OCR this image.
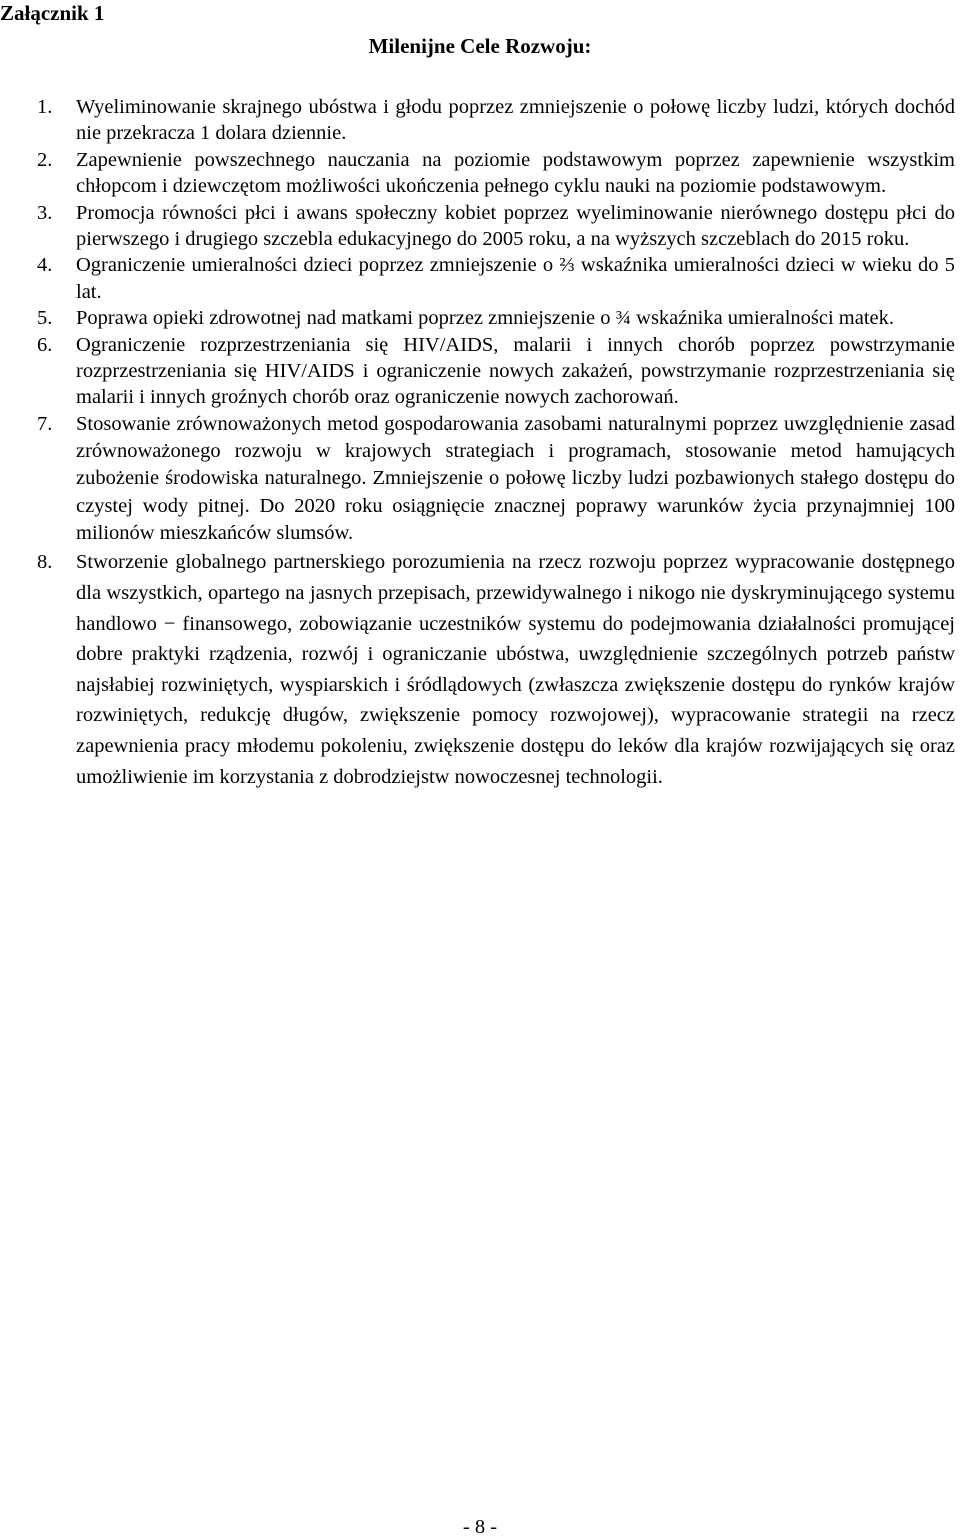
Załącznik 1
Milenijne Cele Rozwoju:
1. Wyeliminowanie skrajnego ubóstwa i głodu poprzez zmniejszenie o połowę liczby ludzi, których dochód nie przekracza 1 dolara dziennie.
2. Zapewnienie powszechnego nauczania na poziomie podstawowym poprzez zapewnienie wszystkim chłopcom i dziewczętom możliwości ukończenia pełnego cyklu nauki na poziomie podstawowym.
3. Promocja równości płci i awans społeczny kobiet poprzez wyeliminowanie nierównego dostępu płci do pierwszego i drugiego szczebla edukacyjnego do 2005 roku, a na wyższych szczeblach do 2015 roku.
4. Ograniczenie umieralności dzieci poprzez zmniejszenie o ⅔ wskaźnika umieralności dzieci w wieku do 5 lat.
5. Poprawa opieki zdrowotnej nad matkami poprzez zmniejszenie o ¾ wskaźnika umieralności matek.
6. Ograniczenie rozprzestrzeniania się HIV/AIDS, malarii i innych chorób poprzez powstrzymanie rozprzestrzeniania się HIV/AIDS i ograniczenie nowych zakażeń, powstrzymanie rozprzestrzeniania się malarii i innych groźnych chorób oraz ograniczenie nowych zachorowań.
7. Stosowanie zrównoważonych metod gospodarowania zasobami naturalnymi poprzez uwzględnienie zasad zrównoważonego rozwoju w krajowych strategiach i programach, stosowanie metod hamujących zubożenie środowiska naturalnego. Zmniejszenie o połowę liczby ludzi pozbawionych stałego dostępu do czystej wody pitnej. Do 2020 roku osiągnięcie znacznej poprawy warunków życia przynajmniej 100 milionów mieszkańców slumsów.
8. Stworzenie globalnego partnerskiego porozumienia na rzecz rozwoju poprzez wypracowanie dostępnego dla wszystkich, opartego na jasnych przepisach, przewidywalnego i nikogo nie dyskryminującego systemu handlowo − finansowego, zobowiązanie uczestników systemu do podejmowania działalności promującej dobre praktyki rządzenia, rozwój i ograniczanie ubóstwa, uwzględnienie szczególnych potrzeb państw najsłabiej rozwiniętych, wyspiarskich i śródlądowych (zwłaszcza zwiększenie dostępu do rynków krajów rozwiniętych, redukcję długów, zwiększenie pomocy rozwojowej), wypracowanie strategii na rzecz zapewnienia pracy młodemu pokoleniu, zwiększenie dostępu do leków dla krajów rozwijających się oraz umożliwienie im korzystania z dobrodziejstw nowoczesnej technologii.
- 8 -
